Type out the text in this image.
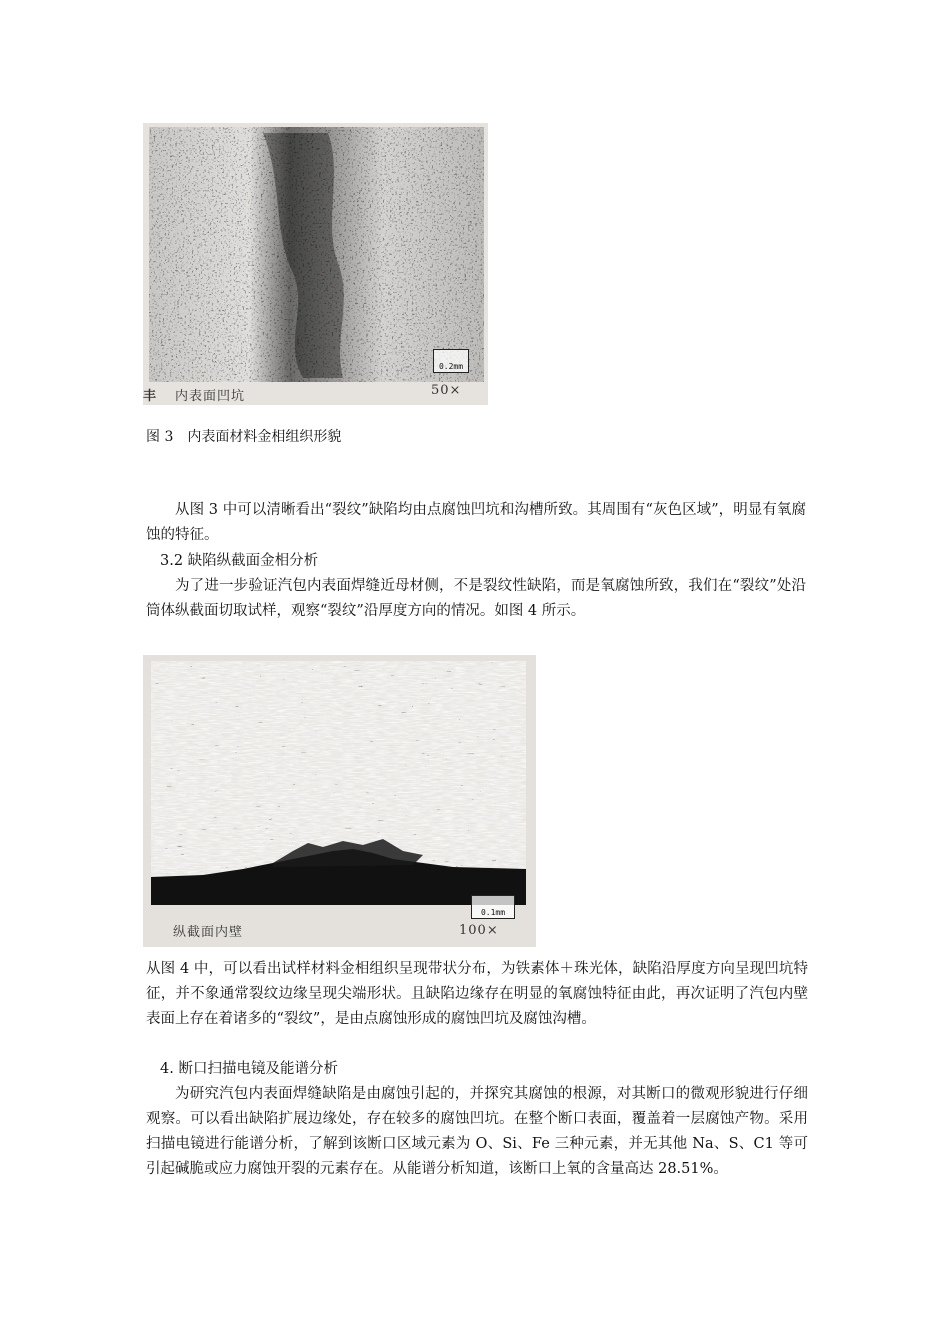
0.2mm
内表面凹坑	50×
丰
图 3　内表面材料金相组织形貌

从图 3 中可以清晰看出“裂纹”缺陷均由点腐蚀凹坑和沟槽所致。其周围有“灰色区域”，明显有氧腐蚀的特征。

3.2 缺陷纵截面金相分析

为了进一步验证汽包内表面焊缝近母材侧，不是裂纹性缺陷，而是氧腐蚀所致，我们在“裂纹”处沿筒体纵截面切取试样，观察“裂纹”沿厚度方向的情况。如图 4 所示。

0.1mm
纵截面内壁	100×

从图 4 中，可以看出试样材料金相组织呈现带状分布，为铁素体＋珠光体，缺陷沿厚度方向呈现凹坑特征，并不象通常裂纹边缘呈现尖端形状。且缺陷边缘存在明显的氧腐蚀特征由此，再次证明了汽包内壁表面上存在着诸多的“裂纹”，是由点腐蚀形成的腐蚀凹坑及腐蚀沟槽。

4. 断口扫描电镜及能谱分析

为研究汽包内表面焊缝缺陷是由腐蚀引起的，并探究其腐蚀的根源，对其断口的微观形貌进行仔细观察。可以看出缺陷扩展边缘处，存在较多的腐蚀凹坑。在整个断口表面，覆盖着一层腐蚀产物。采用扫描电镜进行能谱分析，了解到该断口区域元素为 O、Si、Fe 三种元素，并无其他 Na、S、C1 等可引起碱脆或应力腐蚀开裂的元素存在。从能谱分析知道，该断口上氧的含量高达 28.51%。
